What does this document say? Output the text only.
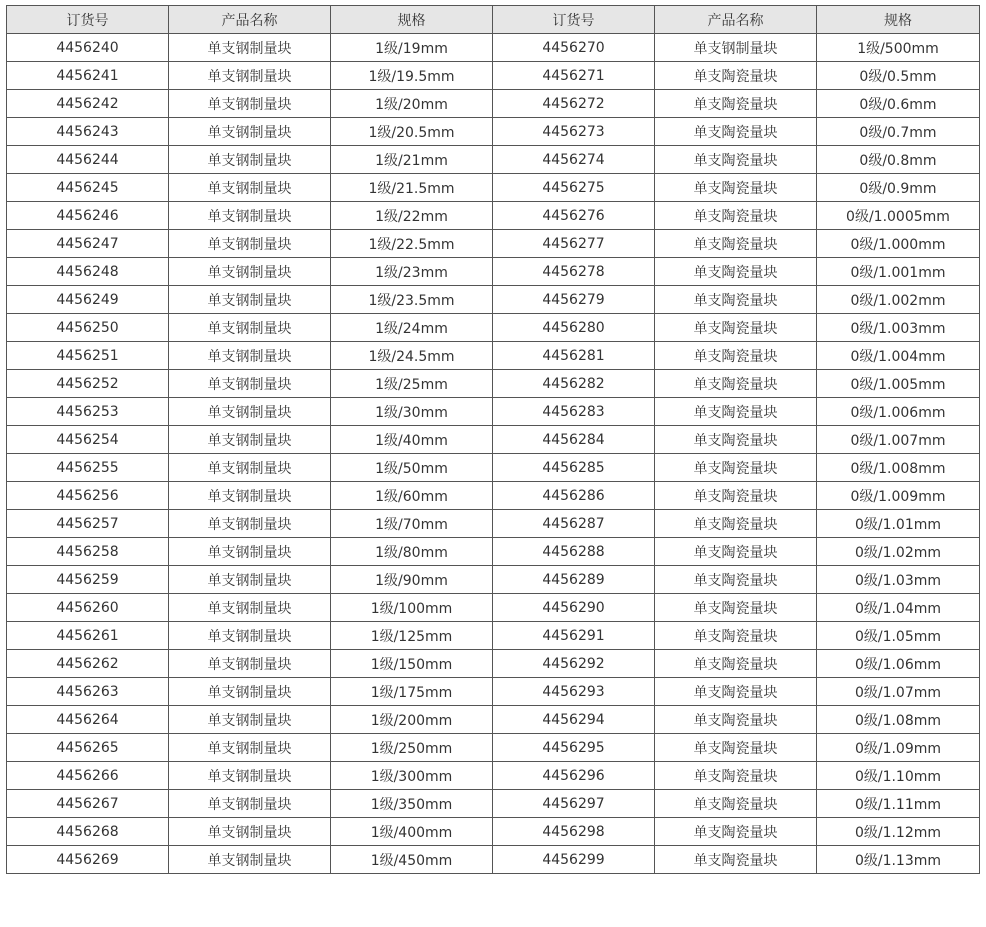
订货号	产品名称	规格	订货号	产品名称	规格
4456240	单支钢制量块	1级/19mm	4456270	单支钢制量块	1级/500mm
4456241	单支钢制量块	1级/19.5mm	4456271	单支陶瓷量块	0级/0.5mm
4456242	单支钢制量块	1级/20mm	4456272	单支陶瓷量块	0级/0.6mm
4456243	单支钢制量块	1级/20.5mm	4456273	单支陶瓷量块	0级/0.7mm
4456244	单支钢制量块	1级/21mm	4456274	单支陶瓷量块	0级/0.8mm
4456245	单支钢制量块	1级/21.5mm	4456275	单支陶瓷量块	0级/0.9mm
4456246	单支钢制量块	1级/22mm	4456276	单支陶瓷量块	0级/1.0005mm
4456247	单支钢制量块	1级/22.5mm	4456277	单支陶瓷量块	0级/1.000mm
4456248	单支钢制量块	1级/23mm	4456278	单支陶瓷量块	0级/1.001mm
4456249	单支钢制量块	1级/23.5mm	4456279	单支陶瓷量块	0级/1.002mm
4456250	单支钢制量块	1级/24mm	4456280	单支陶瓷量块	0级/1.003mm
4456251	单支钢制量块	1级/24.5mm	4456281	单支陶瓷量块	0级/1.004mm
4456252	单支钢制量块	1级/25mm	4456282	单支陶瓷量块	0级/1.005mm
4456253	单支钢制量块	1级/30mm	4456283	单支陶瓷量块	0级/1.006mm
4456254	单支钢制量块	1级/40mm	4456284	单支陶瓷量块	0级/1.007mm
4456255	单支钢制量块	1级/50mm	4456285	单支陶瓷量块	0级/1.008mm
4456256	单支钢制量块	1级/60mm	4456286	单支陶瓷量块	0级/1.009mm
4456257	单支钢制量块	1级/70mm	4456287	单支陶瓷量块	0级/1.01mm
4456258	单支钢制量块	1级/80mm	4456288	单支陶瓷量块	0级/1.02mm
4456259	单支钢制量块	1级/90mm	4456289	单支陶瓷量块	0级/1.03mm
4456260	单支钢制量块	1级/100mm	4456290	单支陶瓷量块	0级/1.04mm
4456261	单支钢制量块	1级/125mm	4456291	单支陶瓷量块	0级/1.05mm
4456262	单支钢制量块	1级/150mm	4456292	单支陶瓷量块	0级/1.06mm
4456263	单支钢制量块	1级/175mm	4456293	单支陶瓷量块	0级/1.07mm
4456264	单支钢制量块	1级/200mm	4456294	单支陶瓷量块	0级/1.08mm
4456265	单支钢制量块	1级/250mm	4456295	单支陶瓷量块	0级/1.09mm
4456266	单支钢制量块	1级/300mm	4456296	单支陶瓷量块	0级/1.10mm
4456267	单支钢制量块	1级/350mm	4456297	单支陶瓷量块	0级/1.11mm
4456268	单支钢制量块	1级/400mm	4456298	单支陶瓷量块	0级/1.12mm
4456269	单支钢制量块	1级/450mm	4456299	单支陶瓷量块	0级/1.13mm
